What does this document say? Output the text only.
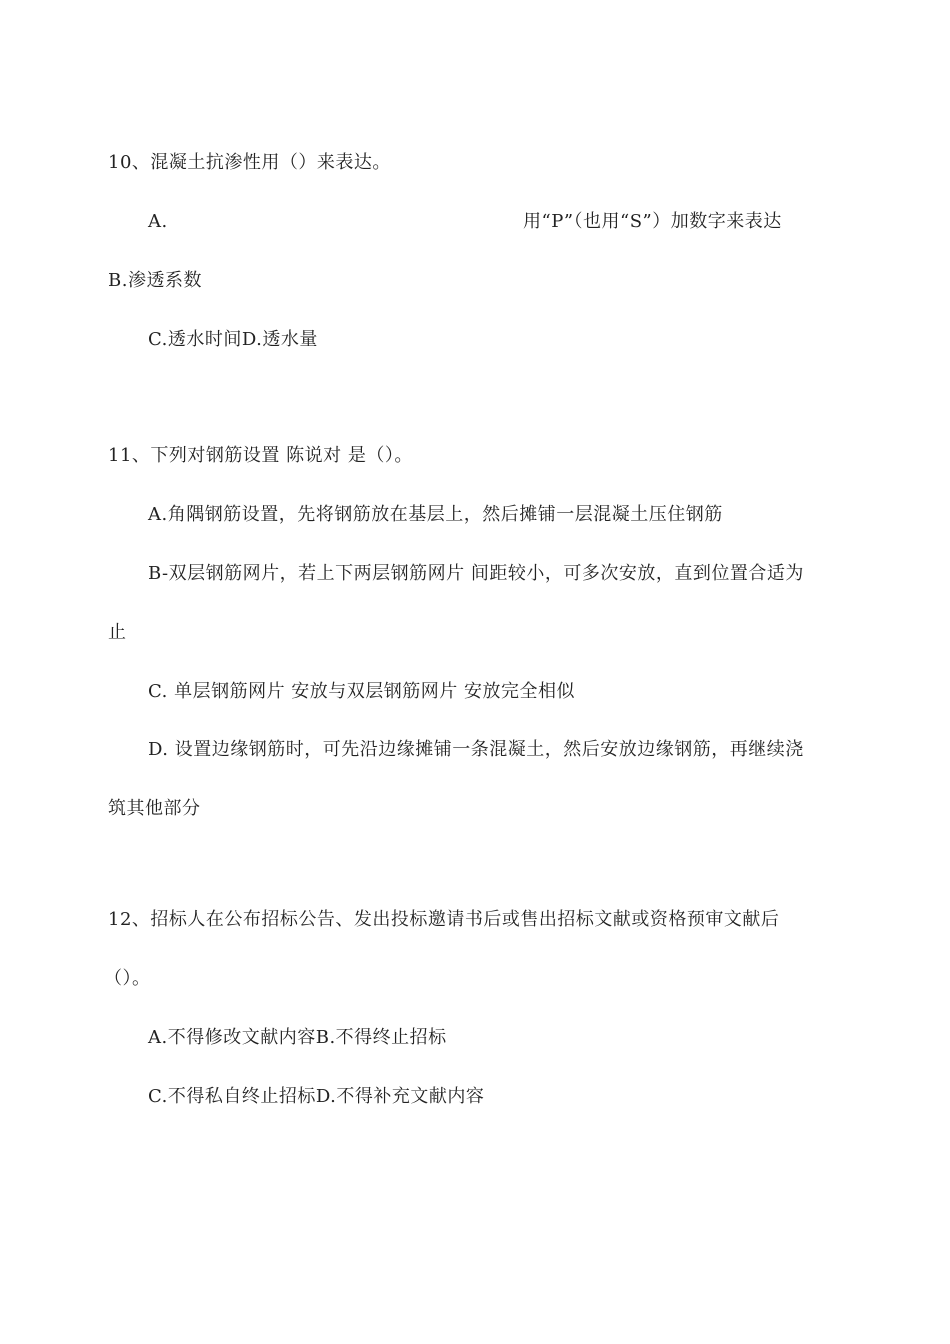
10、混凝土抗渗性用（）来表达。
A.	用“P”（也用“S”）加数字来表达
B.渗透系数
C.透水时间D.透水量
11、下列对钢筋设置 陈说对 是（）。
A.角隅钢筋设置，先将钢筋放在基层上，然后摊铺一层混凝土压住钢筋
B-双层钢筋网片，若上下两层钢筋网片 间距较小，可多次安放，直到位置合适为
止
C. 单层钢筋网片 安放与双层钢筋网片 安放完全相似
D. 设置边缘钢筋时，可先沿边缘摊铺一条混凝土，然后安放边缘钢筋，再继续浇
筑其他部分
12、招标人在公布招标公告、发出投标邀请书后或售出招标文献或资格预审文献后
（）。
A.不得修改文献内容B.不得终止招标
C.不得私自终止招标D.不得补充文献内容
